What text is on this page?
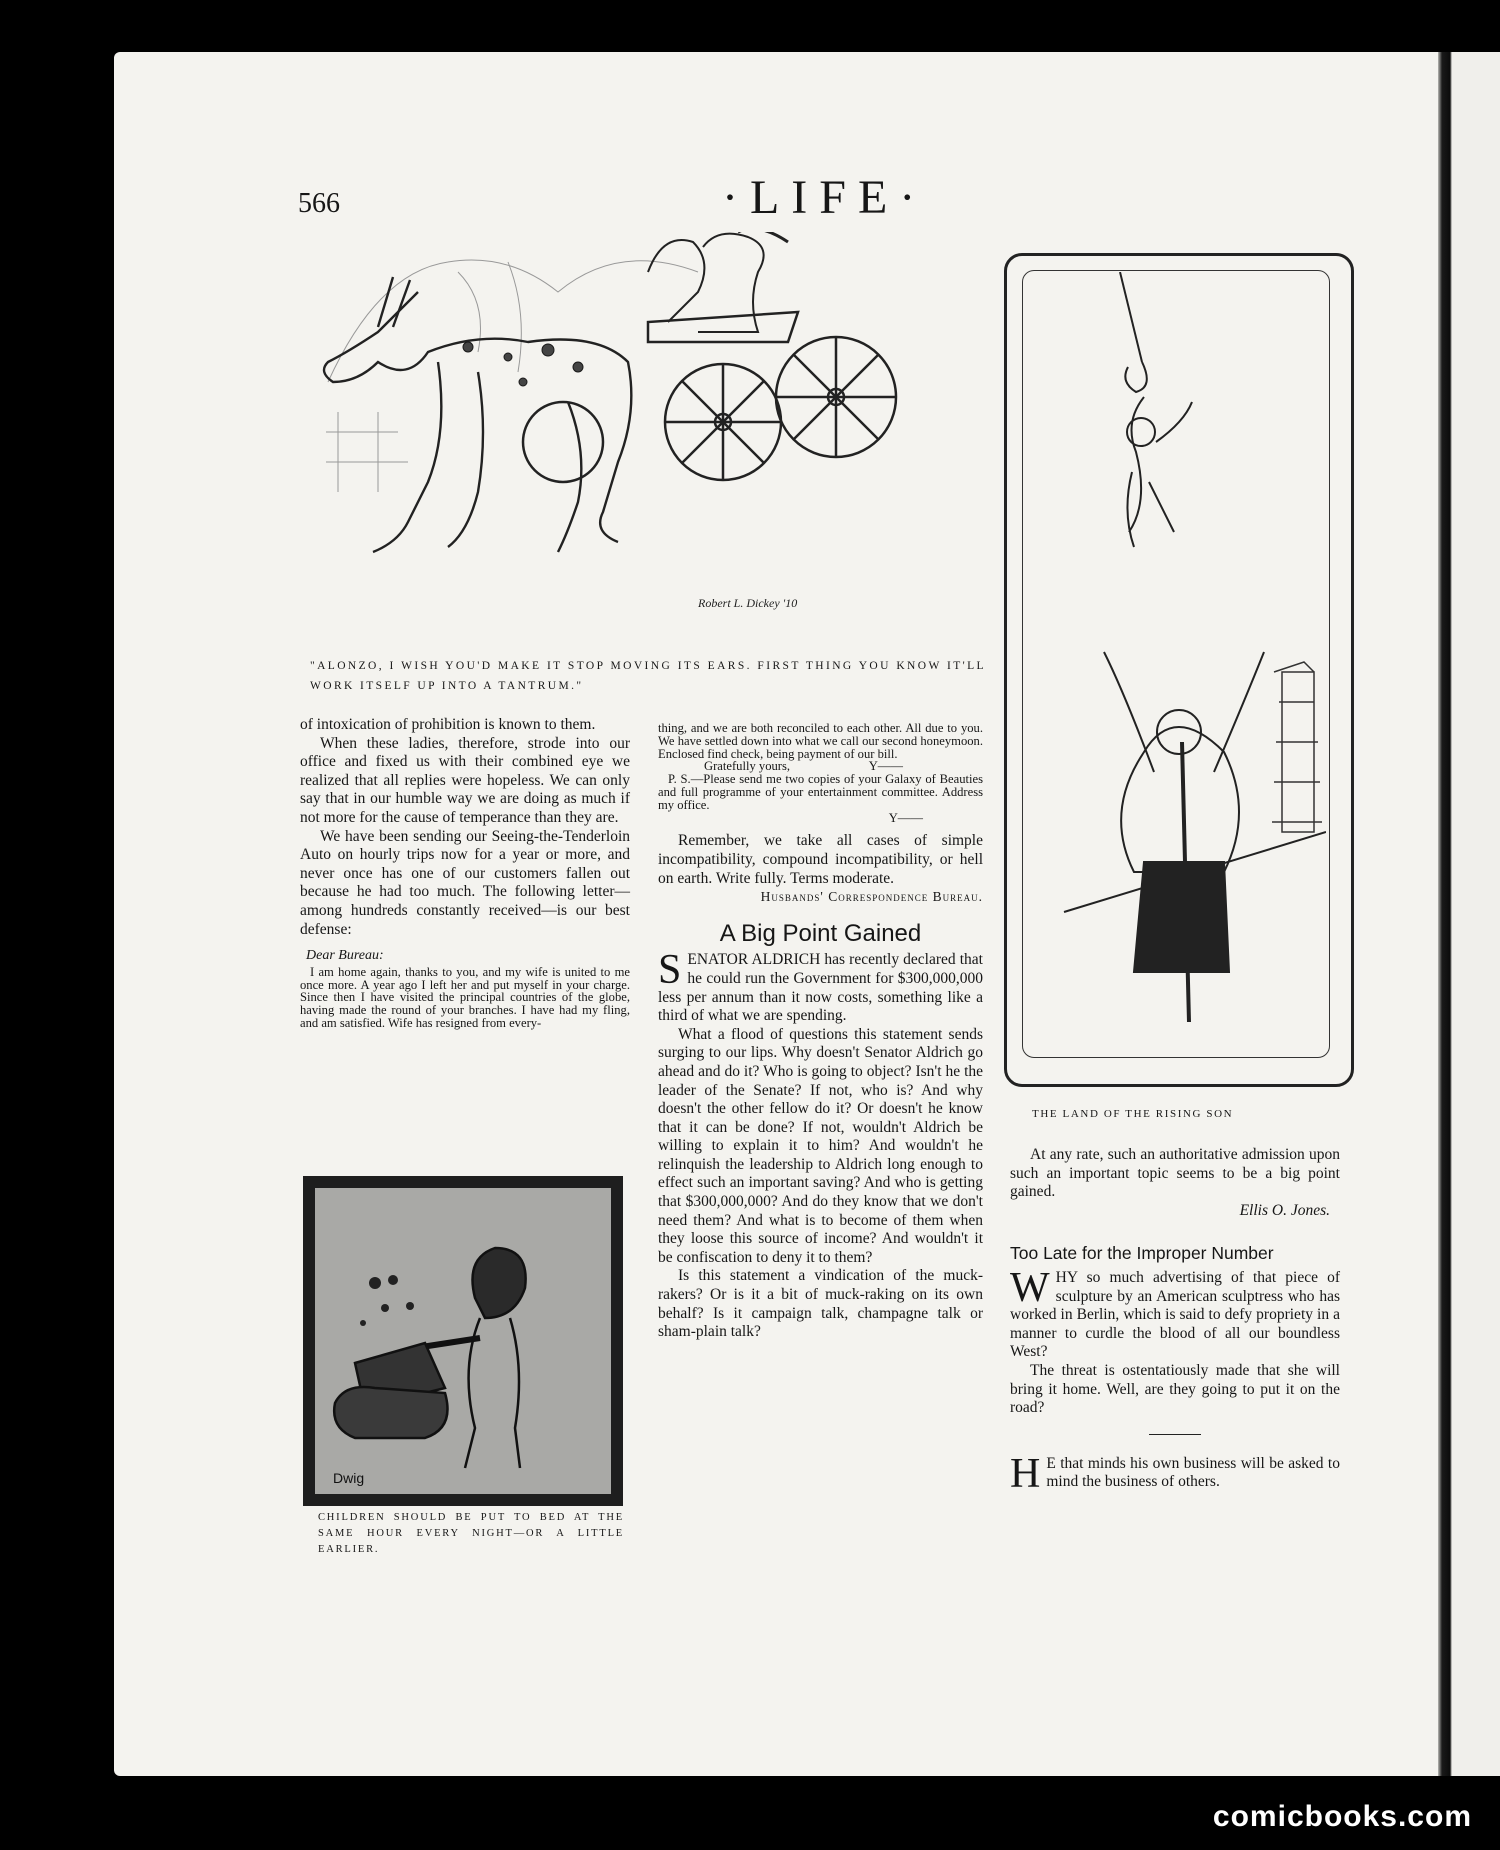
566	·LIFE·
Robert L. Dickey '10
"ALONZO, I WISH YOU'D MAKE IT STOP MOVING ITS EARS. FIRST THING YOU KNOW IT'LL WORK ITSELF UP INTO A TANTRUM."
THE LAND OF THE RISING SON

of intoxication of prohibition is known to them.

When these ladies, therefore, strode into our office and fixed us with their combined eye we realized that all replies were hopeless. We can only say that in our humble way we are doing as much if not more for the cause of temperance than they are.

We have been sending our Seeing-the-Tenderloin Auto on hourly trips now for a year or more, and never once has one of our customers fallen out because he had too much. The following letter—among hundreds constantly received—is our best defense:

Dear Bureau:

I am home again, thanks to you, and my wife is united to me once more. A year ago I left her and put myself in your charge. Since then I have visited the principal countries of the globe, having made the round of your branches. I have had my fling, and am satisfied. Wife has resigned from every-

Dwig
CHILDREN SHOULD BE PUT TO BED AT THE SAME HOUR EVERY NIGHT—OR A LITTLE EARLIER.

thing, and we are both reconciled to each other. All due to you. We have settled down into what we call our second honeymoon. Enclosed find check, being payment of our bill.

Gratefully yours,	Y——

P. S.—Please send me two copies of your Galaxy of Beauties and full programme of your entertainment committee. Address my office.

Y——

Remember, we take all cases of simple incompatibility, compound incompatibility, or hell on earth. Write fully. Terms moderate.

Husbands' Correspondence Bureau.
A Big Point Gained

SENATOR ALDRICH has recently declared that he could run the Government for $300,000,000 less per annum than it now costs, something like a third of what we are spending.

What a flood of questions this statement sends surging to our lips. Why doesn't Senator Aldrich go ahead and do it? Who is going to object? Isn't he the leader of the Senate? If not, who is? And why doesn't the other fellow do it? Or doesn't he know that it can be done? If not, wouldn't Aldrich be willing to explain it to him? And wouldn't he relinquish the leadership to Aldrich long enough to effect such an important saving? And who is getting that $300,000,000? And do they know that we don't need them? And what is to become of them when they loose this source of income? And wouldn't it be confiscation to deny it to them?

Is this statement a vindication of the muck-rakers? Or is it a bit of muck-raking on its own behalf? Is it campaign talk, champagne talk or sham-plain talk?

At any rate, such an authoritative admission upon such an important topic seems to be a big point gained.

Ellis O. Jones.
Too Late for the Improper Number

WHY so much advertising of that piece of sculpture by an American sculptress who has worked in Berlin, which is said to defy propriety in a manner to curdle the blood of all our boundless West?

The threat is ostentatiously made that she will bring it home. Well, are they going to put it on the road?

H E that minds his own business will be asked to mind the business of others.

comicbooks.com
